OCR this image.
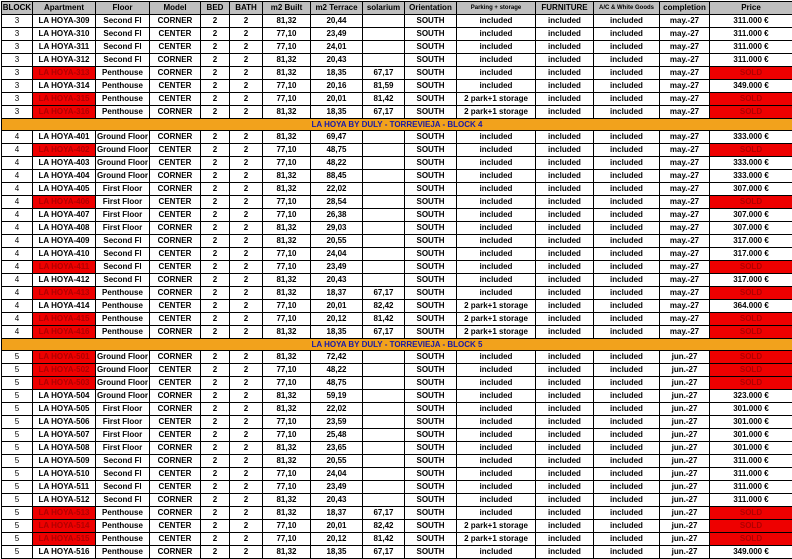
BLOCK	Apartment	Floor	Model	BED	BATH	m2 Built	m2 Terrace	solarium	Orientation	Parking + storage	FURNITURE	A/C & White Goods	completion	Price
3	LA HOYA-309	Second Fl	CORNER	2	2	81,32	20,44		SOUTH	included	included	included	may.-27	311.000 €
3	LA HOYA-310	Second Fl	CENTER	2	2	77,10	23,49		SOUTH	included	included	included	may.-27	311.000 €
3	LA HOYA-311	Second Fl	CENTER	2	2	77,10	24,01		SOUTH	included	included	included	may.-27	311.000 €
3	LA HOYA-312	Second Fl	CORNER	2	2	81,32	20,43		SOUTH	included	included	included	may.-27	311.000 €
3	LA HOYA-313	Penthouse	CORNER	2	2	81,32	18,35	67,17	SOUTH	included	included	included	may.-27	SOLD
3	LA HOYA-314	Penthouse	CENTER	2	2	77,10	20,16	81,59	SOUTH	included	included	included	may.-27	349.000 €
3	LA HOYA-315	Penthouse	CENTER	2	2	77,10	20,01	81,42	SOUTH	2 park+1 storage	included	included	may.-27	SOLD
3	LA HOYA-316	Penthouse	CORNER	2	2	81,32	18,35	67,17	SOUTH	2 park+1 storage	included	included	may.-27	SOLD
LA HOYA BY DULY - TORREVIEJA - BLOCK 4														
4	LA HOYA-401	Ground Floor	CORNER	2	2	81,32	69,47		SOUTH	included	included	included	may.-27	333.000 €
4	LA HOYA-402	Ground Floor	CENTER	2	2	77,10	48,75		SOUTH	included	included	included	may.-27	SOLD
4	LA HOYA-403	Ground Floor	CENTER	2	2	77,10	48,22		SOUTH	included	included	included	may.-27	333.000 €
4	LA HOYA-404	Ground Floor	CORNER	2	2	81,32	88,45		SOUTH	included	included	included	may.-27	333.000 €
4	LA HOYA-405	First Floor	CORNER	2	2	81,32	22,02		SOUTH	included	included	included	may.-27	307.000 €
4	LA HOYA-406	First Floor	CENTER	2	2	77,10	28,54		SOUTH	included	included	included	may.-27	SOLD
4	LA HOYA-407	First Floor	CENTER	2	2	77,10	26,38		SOUTH	included	included	included	may.-27	307.000 €
4	LA HOYA-408	First Floor	CORNER	2	2	81,32	29,03		SOUTH	included	included	included	may.-27	307.000 €
4	LA HOYA-409	Second Fl	CORNER	2	2	81,32	20,55		SOUTH	included	included	included	may.-27	317.000 €
4	LA HOYA-410	Second Fl	CENTER	2	2	77,10	24,04		SOUTH	included	included	included	may.-27	317.000 €
4	LA HOYA-411	Second Fl	CENTER	2	2	77,10	23,49		SOUTH	included	included	included	may.-27	SOLD
4	LA HOYA-412	Second Fl	CORNER	2	2	81,32	20,43		SOUTH	included	included	included	may.-27	317.000 €
4	LA HOYA-413	Penthouse	CORNER	2	2	81,32	18,37	67,17	SOUTH	included	included	included	may.-27	SOLD
4	LA HOYA-414	Penthouse	CENTER	2	2	77,10	20,01	82,42	SOUTH	2 park+1 storage	included	included	may.-27	364.000 €
4	LA HOYA-415	Penthouse	CENTER	2	2	77,10	20,12	81,42	SOUTH	2 park+1 storage	included	included	may.-27	SOLD
4	LA HOYA-416	Penthouse	CORNER	2	2	81,32	18,35	67,17	SOUTH	2 park+1 storage	included	included	may.-27	SOLD
LA HOYA BY DULY - TORREVIEJA - BLOCK 5														
5	LA HOYA-501	Ground Floor	CORNER	2	2	81,32	72,42		SOUTH	included	included	included	jun.-27	SOLD
5	LA HOYA-502	Ground Floor	CENTER	2	2	77,10	48,22		SOUTH	included	included	included	jun.-27	SOLD
5	LA HOYA-503	Ground Floor	CENTER	2	2	77,10	48,75		SOUTH	included	included	included	jun.-27	SOLD
5	LA HOYA-504	Ground Floor	CORNER	2	2	81,32	59,19		SOUTH	included	included	included	jun.-27	323.000 €
5	LA HOYA-505	First Floor	CORNER	2	2	81,32	22,02		SOUTH	included	included	included	jun.-27	301.000 €
5	LA HOYA-506	First Floor	CENTER	2	2	77,10	23,59		SOUTH	included	included	included	jun.-27	301.000 €
5	LA HOYA-507	First Floor	CENTER	2	2	77,10	25,48		SOUTH	included	included	included	jun.-27	301.000 €
5	LA HOYA-508	First Floor	CORNER	2	2	81,32	23,65		SOUTH	included	included	included	jun.-27	301.000 €
5	LA HOYA-509	Second Fl	CORNER	2	2	81,32	20,55		SOUTH	included	included	included	jun.-27	311.000 €
5	LA HOYA-510	Second Fl	CENTER	2	2	77,10	24,04		SOUTH	included	included	included	jun.-27	311.000 €
5	LA HOYA-511	Second Fl	CENTER	2	2	77,10	23,49		SOUTH	included	included	included	jun.-27	311.000 €
5	LA HOYA-512	Second Fl	CORNER	2	2	81,32	20,43		SOUTH	included	included	included	jun.-27	311.000 €
5	LA HOYA-513	Penthouse	CORNER	2	2	81,32	18,37	67,17	SOUTH	included	included	included	jun.-27	SOLD
5	LA HOYA-514	Penthouse	CENTER	2	2	77,10	20,01	82,42	SOUTH	2 park+1 storage	included	included	jun.-27	SOLD
5	LA HOYA-515	Penthouse	CENTER	2	2	77,10	20,12	81,42	SOUTH	2 park+1 storage	included	included	jun.-27	SOLD
5	LA HOYA-516	Penthouse	CORNER	2	2	81,32	18,35	67,17	SOUTH	included	included	included	jun.-27	349.000 €
